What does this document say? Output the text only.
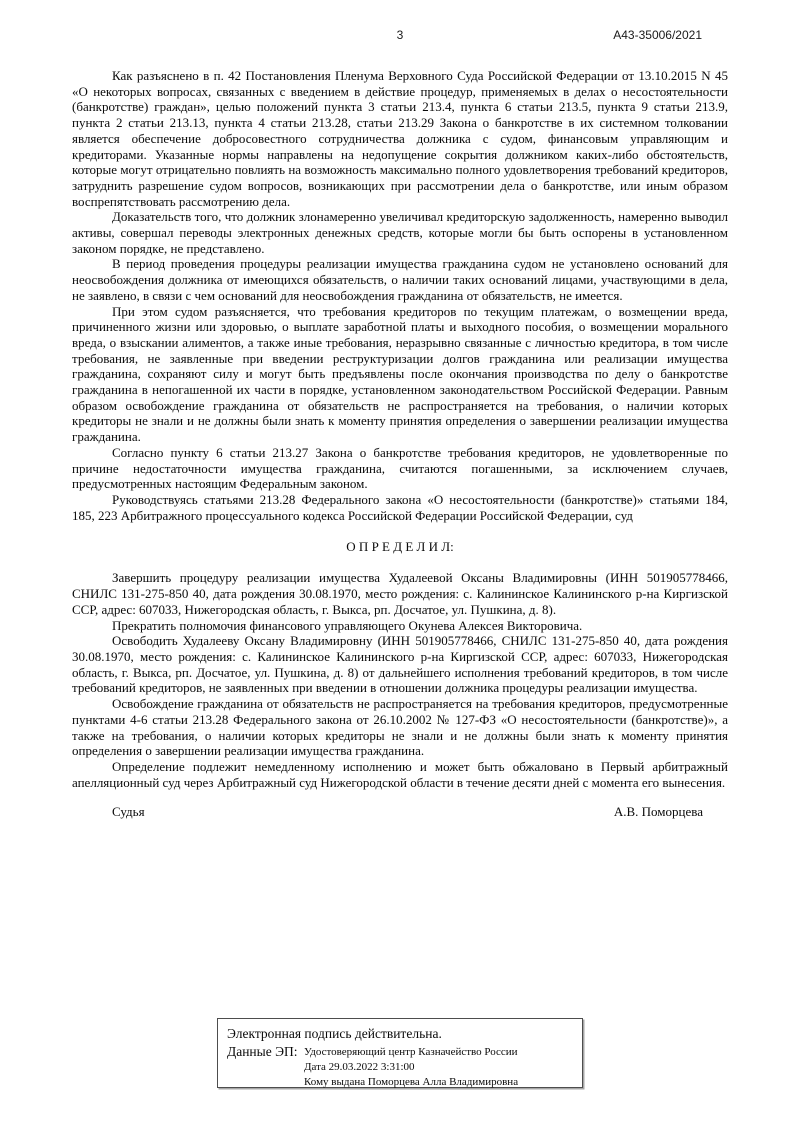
3	А43-35006/2021

Как разъяснено в п. 42 Постановления Пленума Верховного Суда Российской Федерации от 13.10.2015 N 45 «О некоторых вопросах, связанных с введением в действие процедур, применяемых в делах о несостоятельности (банкротстве) граждан», целью положений пункта 3 статьи 213.4, пункта 6 статьи 213.5, пункта 9 статьи 213.9, пункта 2 статьи 213.13, пункта 4 статьи 213.28, статьи 213.29 Закона о банкротстве в их системном толковании является обеспечение добросовестного сотрудничества должника с судом, финансовым управляющим и кредиторами. Указанные нормы направлены на недопущение сокрытия должником каких-либо обстоятельств, которые могут отрицательно повлиять на возможность максимально полного удовлетворения требований кредиторов, затруднить разрешение судом вопросов, возникающих при рассмотрении дела о банкротстве, или иным образом воспрепятствовать рассмотрению дела.

Доказательств того, что должник злонамеренно увеличивал кредиторскую задолженность, намеренно выводил активы, совершал переводы электронных денежных средств, которые могли бы быть оспорены в установленном законом порядке, не представлено.

В период проведения процедуры реализации имущества гражданина судом не установлено оснований для неосвобождения должника от имеющихся обязательств, о наличии таких оснований лицами, участвующими в дела, не заявлено, в связи с чем оснований для неосвобождения гражданина от обязательств, не имеется.

При этом судом разъясняется, что требования кредиторов по текущим платежам, о возмещении вреда, причиненного жизни или здоровью, о выплате заработной платы и выходного пособия, о возмещении морального вреда, о взыскании алиментов, а также иные требования, неразрывно связанные с личностью кредитора, в том числе требования, не заявленные при введении реструктуризации долгов гражданина или реализации имущества гражданина, сохраняют силу и могут быть предъявлены после окончания производства по делу о банкротстве гражданина в непогашенной их части в порядке, установленном законодательством Российской Федерации. Равным образом освобождение гражданина от обязательств не распространяется на требования, о наличии которых кредиторы не знали и не должны были знать к моменту принятия определения о завершении реализации имущества гражданина.

Согласно пункту 6 статьи 213.27 Закона о банкротстве требования кредиторов, не удовлетворенные по причине недостаточности имущества гражданина, считаются погашенными, за исключением случаев, предусмотренных настоящим Федеральным законом.

Руководствуясь статьями 213.28 Федерального закона «О несостоятельности (банкротстве)» статьями 184, 185, 223 Арбитражного процессуального кодекса Российской Федерации Российской Федерации, суд

О П Р Е Д Е Л И Л:

Завершить процедуру реализации имущества Худалеевой Оксаны Владимировны (ИНН 501905778466, СНИЛС 131-275-850 40, дата рождения 30.08.1970, место рождения: с. Калининское Калининского р-на Киргизской ССР, адрес: 607033, Нижегородская область, г. Выкса, рп. Досчатое, ул. Пушкина, д. 8).

Прекратить полномочия финансового управляющего Окунева Алексея Викторовича.

Освободить Худалееву Оксану Владимировну (ИНН 501905778466, СНИЛС 131-275-850 40, дата рождения 30.08.1970, место рождения: с. Калининское Калининского р-на Киргизской ССР, адрес: 607033, Нижегородская область, г. Выкса, рп. Досчатое, ул. Пушкина, д. 8) от дальнейшего исполнения требований кредиторов, в том числе требований кредиторов, не заявленных при введении в отношении должника процедуры реализации имущества.

Освобождение гражданина от обязательств не распространяется на требования кредиторов, предусмотренные пунктами 4-6 статьи 213.28 Федерального закона от 26.10.2002 № 127-ФЗ «О несостоятельности (банкротстве)», а также на требования, о наличии которых кредиторы не знали и не должны были знать к моменту принятия определения о завершении реализации имущества гражданина.

Определение подлежит немедленному исполнению и может быть обжаловано в Первый арбитражный апелляционный суд через Арбитражный суд Нижегородской области в течение десяти дней с момента его вынесения.

Судья	А.В. Поморцева
Электронная подпись действительна.
Данные ЭП: Удостоверяющий центр Казначейство России
Дата 29.03.2022 3:31:00
Кому выдана Поморцева Алла Владимировна
